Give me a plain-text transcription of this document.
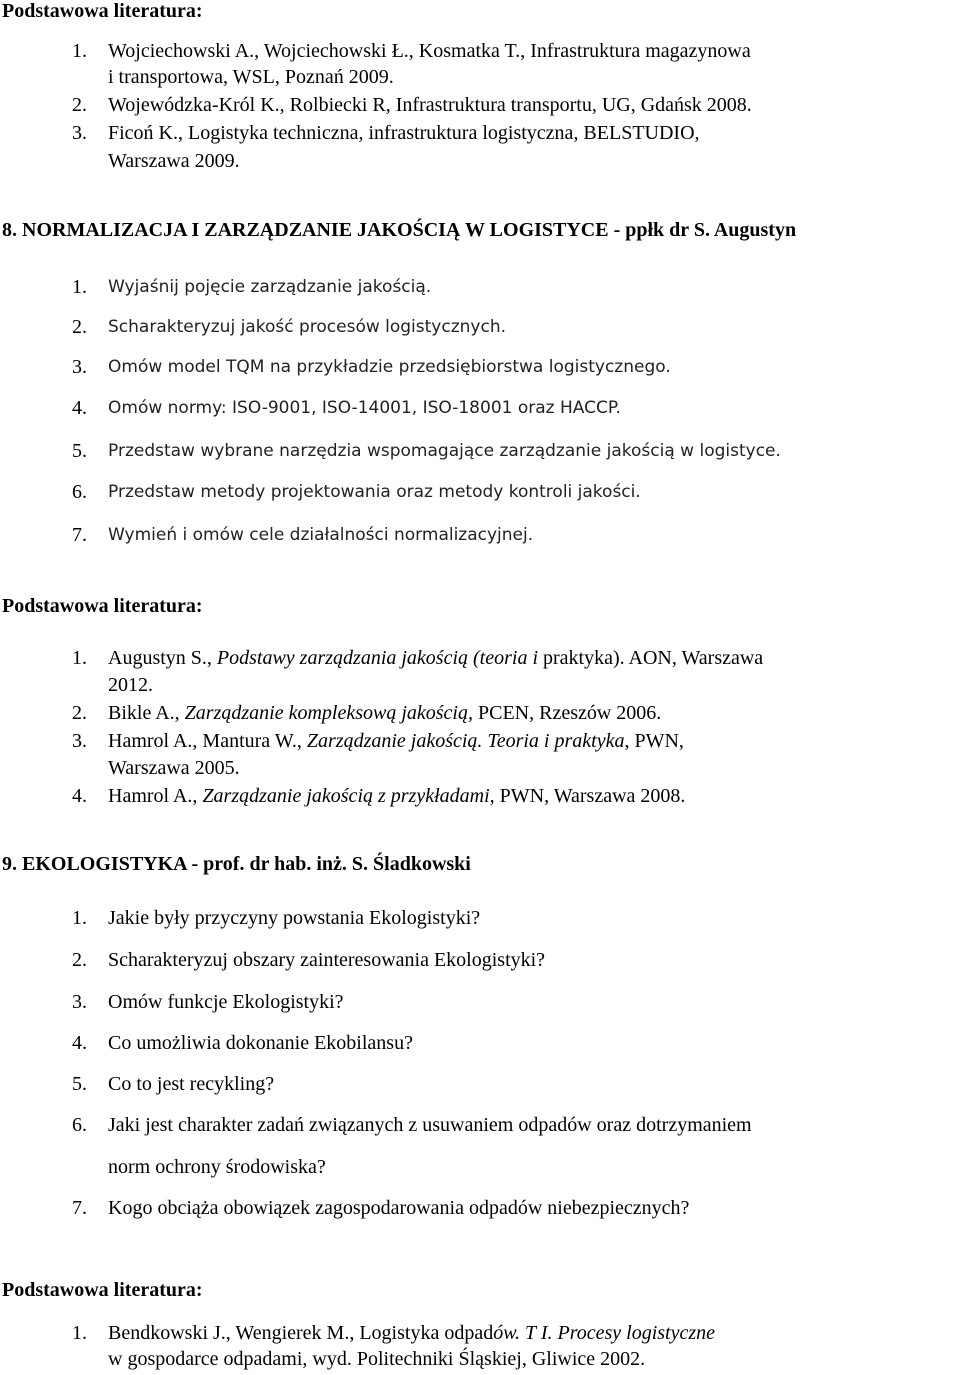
Podstawowa literatura:
1.	Wojciechowski A., Wojciechowski Ł., Kosmatka T., Infrastruktura magazynowa
i transportowa, WSL, Poznań 2009.
2.	Wojewódzka-Król K., Rolbiecki R, Infrastruktura transportu, UG, Gdańsk 2008.
3.	Ficoń K., Logistyka techniczna, infrastruktura logistyczna, BELSTUDIO,
Warszawa 2009.
8. NORMALIZACJA I ZARZĄDZANIE JAKOŚCIĄ W LOGISTYCE - ppłk dr S. Augustyn
1.	Wyjaśnij pojęcie zarządzanie jakością.
2.	Scharakteryzuj jakość procesów logistycznych.
3.	Omów model TQM na przykładzie przedsiębiorstwa logistycznego.
4.	Omów normy: ISO-9001, ISO-14001, ISO-18001 oraz HACCP.
5.	Przedstaw wybrane narzędzia wspomagające zarządzanie jakością w logistyce.
6.	Przedstaw metody projektowania oraz metody kontroli jakości.
7.	Wymień i omów cele działalności normalizacyjnej.
Podstawowa literatura:
1.	Augustyn S., Podstawy zarządzania jakością (teoria i praktyka). AON, Warszawa
2012.
2.	Bikle A., Zarządzanie kompleksową jakością, PCEN, Rzeszów 2006.
3.	Hamrol A., Mantura W., Zarządzanie jakością. Teoria i praktyka, PWN,
Warszawa 2005.
4.	Hamrol A., Zarządzanie jakością z przykładami, PWN, Warszawa 2008.
9. EKOLOGISTYKA - prof. dr hab. inż. S. Śladkowski
1.	Jakie były przyczyny powstania Ekologistyki?
2.	Scharakteryzuj obszary zainteresowania Ekologistyki?
3.	Omów funkcje Ekologistyki?
4.	Co umożliwia dokonanie Ekobilansu?
5.	Co to jest recykling?
6.	Jaki jest charakter zadań związanych z usuwaniem odpadów oraz dotrzymaniem
norm ochrony środowiska?
7.	Kogo obciąża obowiązek zagospodarowania odpadów niebezpiecznych?
Podstawowa literatura:
1.	Bendkowski J., Wengierek M., Logistyka odpadów. T I. Procesy logistyczne
w gospodarce odpadami, wyd. Politechniki Śląskiej, Gliwice 2002.
